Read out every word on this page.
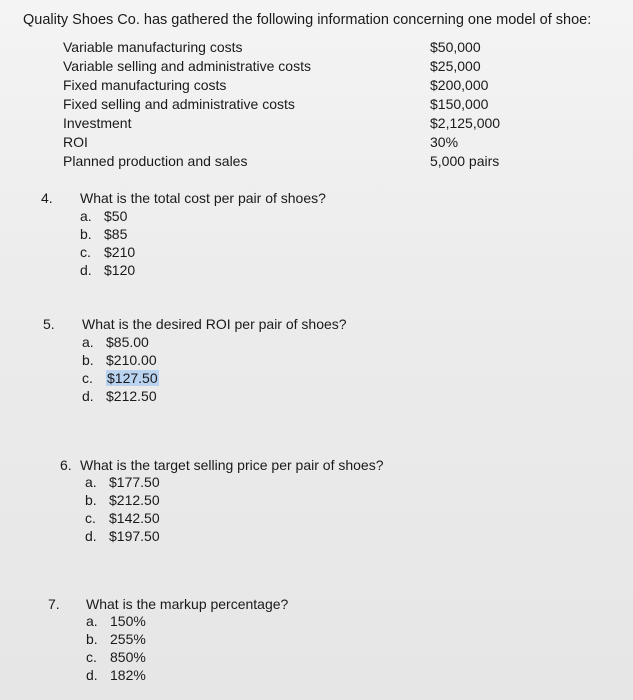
Quality Shoes Co. has gathered the following information concerning one model of shoe:
Variable manufacturing costs	$50,000
Variable selling and administrative costs	$25,000
Fixed manufacturing costs	$200,000
Fixed selling and administrative costs	$150,000
Investment	$2,125,000
ROI	30%
Planned production and sales	5,000 pairs
4. What is the total cost per pair of shoes?
a. $50
b. $85
c. $210
d. $120
5. What is the desired ROI per pair of shoes?
a. $85.00
b. $210.00
c. $127.50
d. $212.50
6. What is the target selling price per pair of shoes?
a. $177.50
b. $212.50
c. $142.50
d. $197.50
7. What is the markup percentage?
a. 150%
b. 255%
c. 850%
d. 182%
